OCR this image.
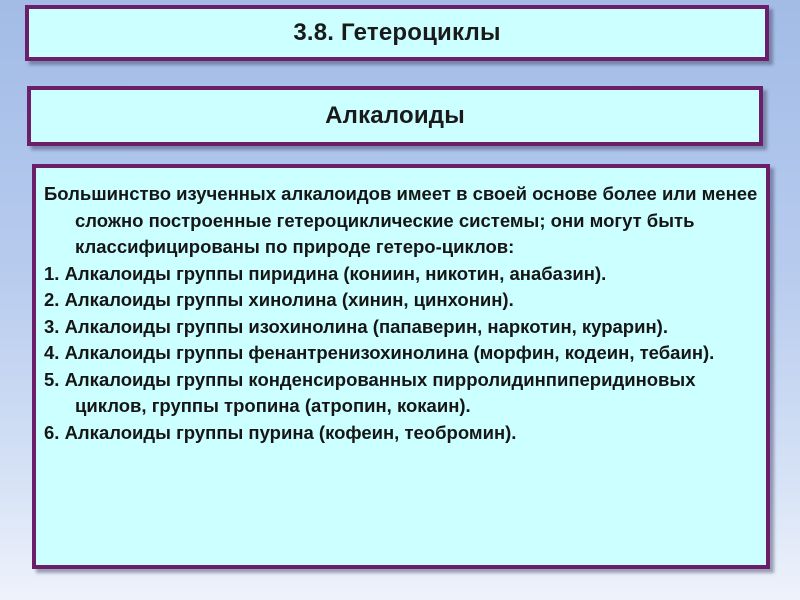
3.8. Гетероциклы
Алкалоиды

Большинство изученных алкалоидов имеет в своей основе более или менее сложно построенные гетероциклические системы; они могут быть классифицированы по природе гетеро-циклов:

1. Алкалоиды группы пиридина (кониин, никотин, анабазин).

2. Алкалоиды группы хинолина (хинин, цинхонин).

3. Алкалоиды группы изохинолина (папаверин, наркотин, курарин).

4. Алкалоиды группы фенантренизохинолина (морфин, кодеин, тебаин).

5. Алкалоиды группы конденсированных пирролидинпиперидиновых циклов, группы тропина (атропин, кокаин).

6. Алкалоиды группы пурина (кофеин, теобромин).
